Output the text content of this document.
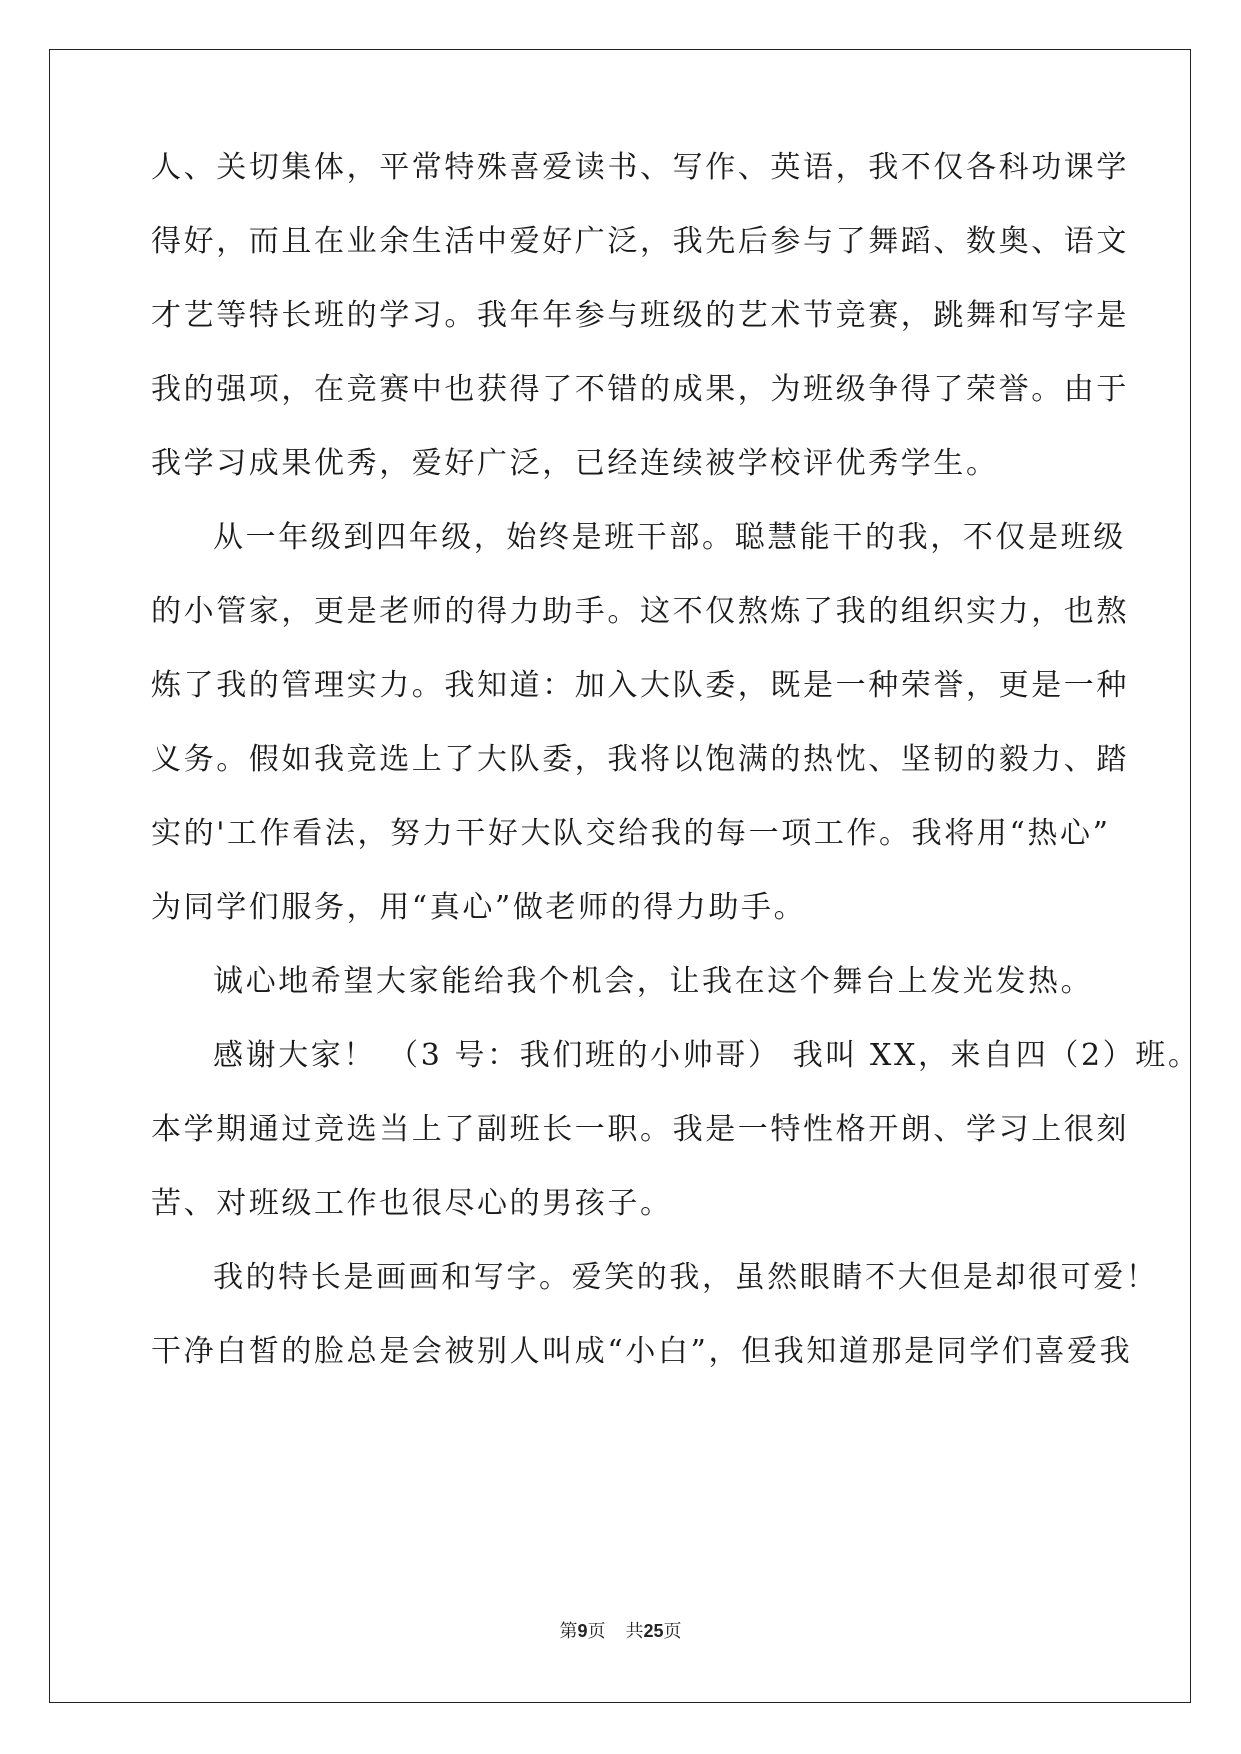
人、关切集体，平常特殊喜爱读书、写作、英语，我不仅各科功课学

得好，而且在业余生活中爱好广泛，我先后参与了舞蹈、数奥、语文

才艺等特长班的学习。我年年参与班级的艺术节竞赛，跳舞和写字是

我的强项，在竞赛中也获得了不错的成果，为班级争得了荣誉。由于

我学习成果优秀，爱好广泛，已经连续被学校评优秀学生。

从一年级到四年级，始终是班干部。聪慧能干的我，不仅是班级

的小管家，更是老师的得力助手。这不仅熬炼了我的组织实力，也熬

炼了我的管理实力。我知道：加入大队委，既是一种荣誉，更是一种

义务。假如我竞选上了大队委，我将以饱满的热忱、坚韧的毅力、踏

实的'工作看法，努力干好大队交给我的每一项工作。我将用“热心”

为同学们服务，用“真心”做老师的得力助手。

诚心地希望大家能给我个机会，让我在这个舞台上发光发热。

感谢大家！ （3 号：我们班的小帅哥） 我叫 XX，来自四（2）班。

本学期通过竞选当上了副班长一职。我是一特性格开朗、学习上很刻

苦、对班级工作也很尽心的男孩子。

我的特长是画画和写字。爱笑的我，虽然眼睛不大但是却很可爱！

干净白皙的脸总是会被别人叫成“小白”，但我知道那是同学们喜爱我

第9页 共25页
